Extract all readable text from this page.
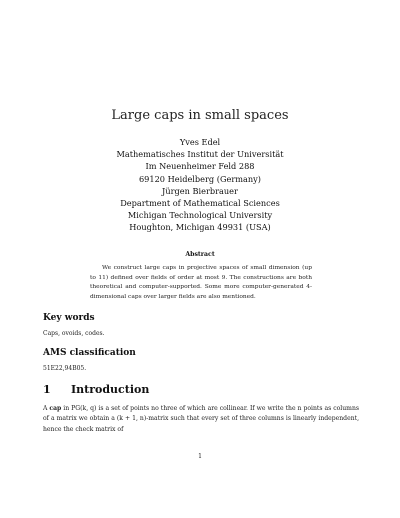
Large caps in small spaces
Yves Edel
Mathematisches Institut der Universität
Im Neuenheimer Feld 288
69120 Heidelberg (Germany)
Jürgen Bierbrauer
Department of Mathematical Sciences
Michigan Technological University
Houghton, Michigan 49931 (USA)
Abstract
We construct large caps in projective spaces of small dimension (up to 11) defined over fields of order at most 9. The constructions are both theoretical and computer-supported. Some more computer-generated 4-dimensional caps over larger fields are also mentioned.
Key words
Caps, ovoids, codes.
AMS classification
51E22,94B05.
1 Introduction
A cap in PG(k, q) is a set of points no three of which are collinear. If we write the n points as columns of a matrix we obtain a (k + 1, n)-matrix such that every set of three columns is linearly independent, hence the check matrix of
1
